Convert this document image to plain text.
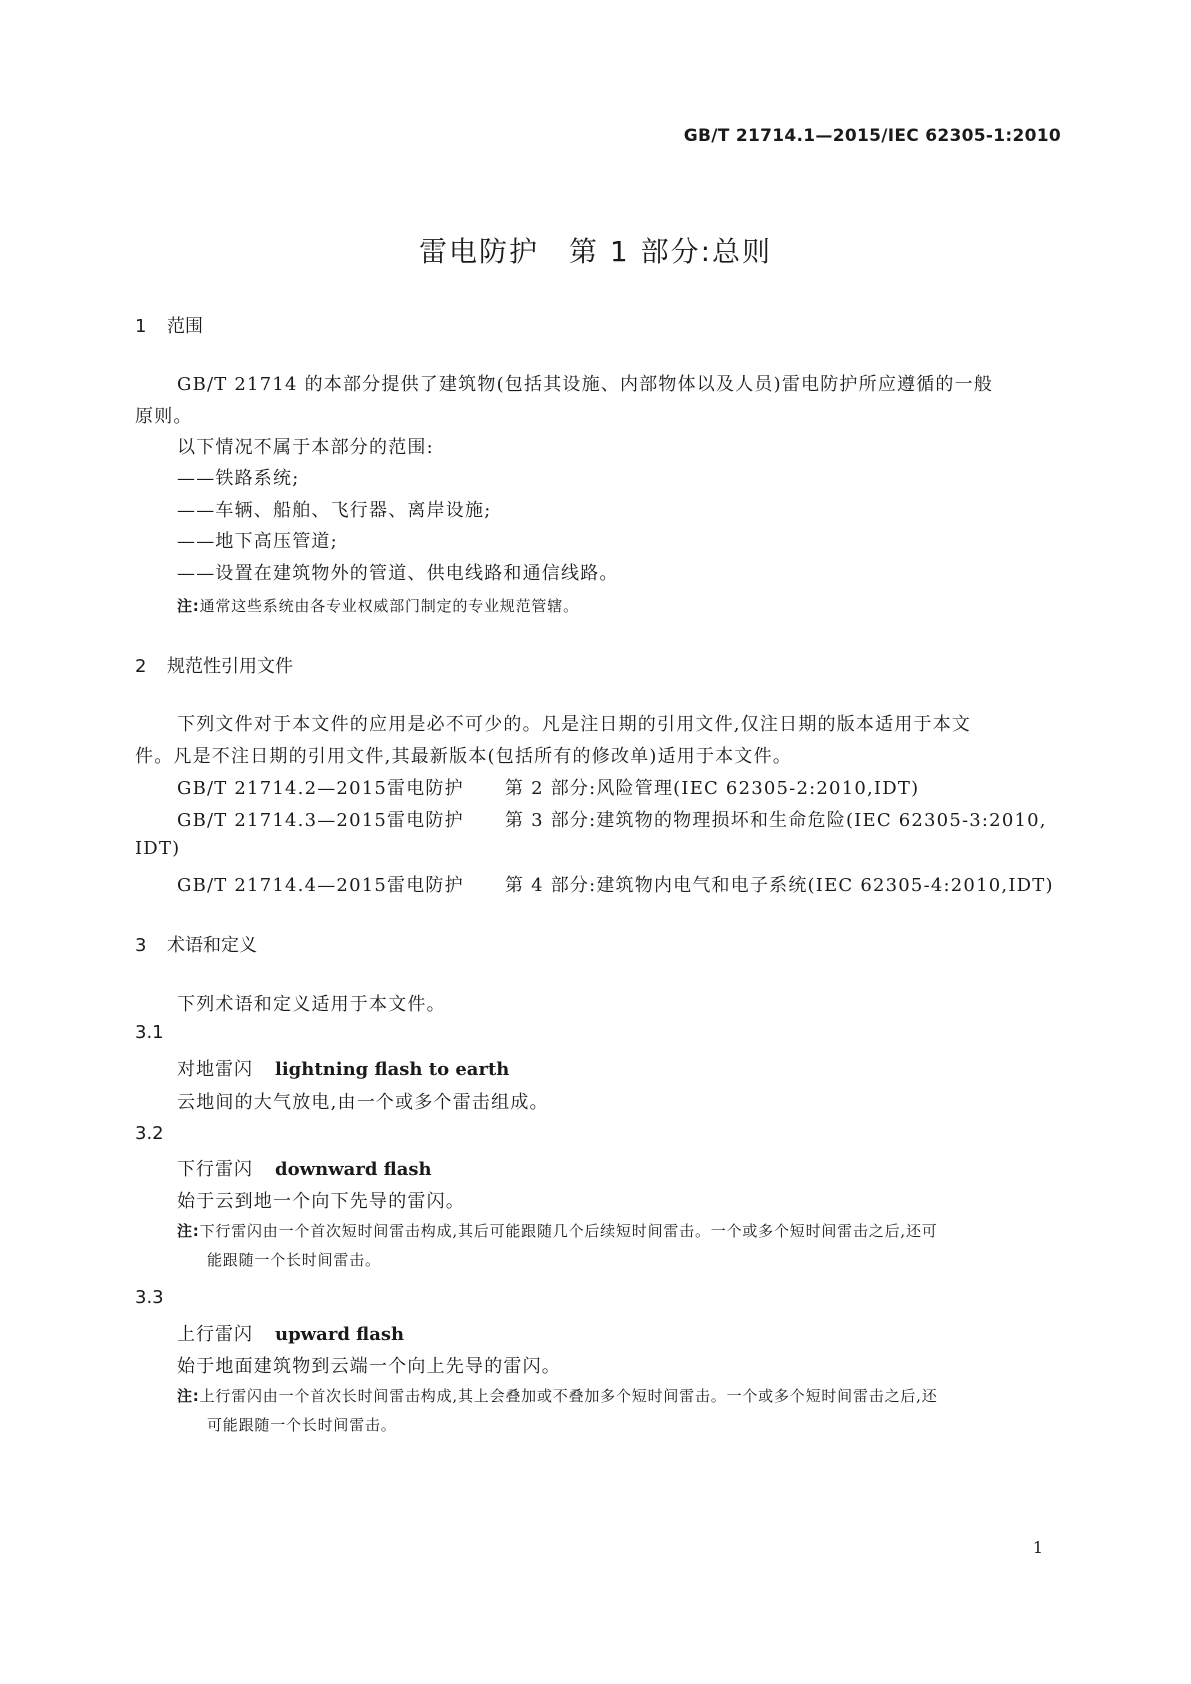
GB/T 21714.1—2015/IEC 62305-1:2010
雷电防护　第 1 部分:总则
1 范围
GB/T 21714 的本部分提供了建筑物(包括其设施、内部物体以及人员)雷电防护所应遵循的一般
原则。
以下情况不属于本部分的范围:
——铁路系统;
——车辆、船舶、飞行器、离岸设施;
——地下高压管道;
——设置在建筑物外的管道、供电线路和通信线路。
注:通常这些系统由各专业权威部门制定的专业规范管辖。
2 规范性引用文件
下列文件对于本文件的应用是必不可少的。凡是注日期的引用文件,仅注日期的版本适用于本文
件。凡是不注日期的引用文件,其最新版本(包括所有的修改单)适用于本文件。
GB/T 21714.2—2015雷电防护 第 2 部分:风险管理(IEC 62305-2:2010,IDT)
GB/T 21714.3—2015雷电防护 第 3 部分:建筑物的物理损坏和生命危险(IEC 62305-3:2010,
IDT)
GB/T 21714.4—2015雷电防护 第 4 部分:建筑物内电气和电子系统(IEC 62305-4:2010,IDT)
3 术语和定义
下列术语和定义适用于本文件。
3.1
对地雷闪 lightning flash to earth
云地间的大气放电,由一个或多个雷击组成。
3.2
下行雷闪 downward flash
始于云到地一个向下先导的雷闪。
注:下行雷闪由一个首次短时间雷击构成,其后可能跟随几个后续短时间雷击。一个或多个短时间雷击之后,还可
能跟随一个长时间雷击。
3.3
上行雷闪 upward flash
始于地面建筑物到云端一个向上先导的雷闪。
注:上行雷闪由一个首次长时间雷击构成,其上会叠加或不叠加多个短时间雷击。一个或多个短时间雷击之后,还
可能跟随一个长时间雷击。
1
